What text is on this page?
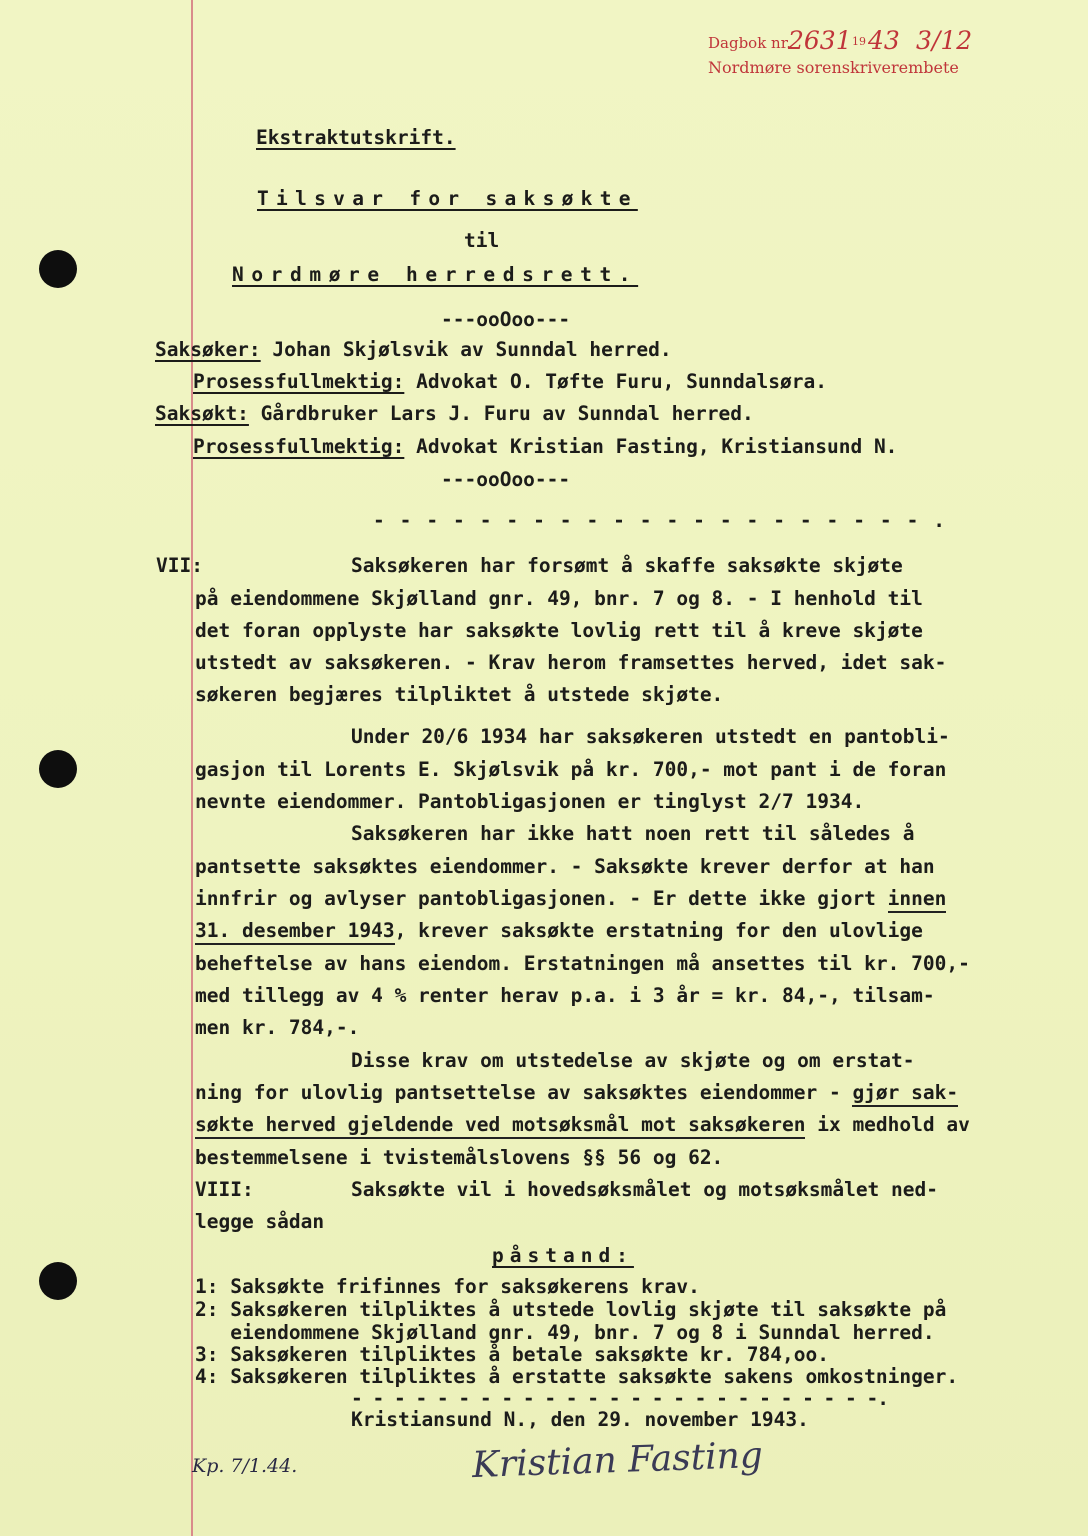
Dagbok nr.
2631 19 43 3/12
Nordmøre sorenskriverembete
Ekstraktutskrift.
Tilsvar for saksøkte
til
Nordmøre herredsrett.
---ooOoo---
Saksøker: Johan Skjølsvik av Sunndal herred.
Prosessfullmektig: Advokat O. Tøfte Furu, Sunndalsøra.
Saksøkt: Gårdbruker Lars J. Furu av Sunndal herred.
Prosessfullmektig: Advokat Kristian Fasting, Kristiansund N.
---ooOoo---
- - - - - - - - - - - - - - - - - - - - - .
VII:	Saksøkeren har forsømt å skaffe saksøkte skjøte
på eiendommene Skjølland gnr. 49, bnr. 7 og 8. - I henhold til
det foran opplyste har saksøkte lovlig rett til å kreve skjøte
utstedt av saksøkeren. - Krav herom framsettes herved, idet sak-
søkeren begjæres tilpliktet å utstede skjøte.
Under 20/6 1934 har saksøkeren utstedt en pantobli-
gasjon til Lorents E. Skjølsvik på kr. 700,- mot pant i de foran
nevnte eiendommer. Pantobligasjonen er tinglyst 2/7 1934.
Saksøkeren har ikke hatt noen rett til således å
pantsette saksøktes eiendommer. - Saksøkte krever derfor at han
innfrir og avlyser pantobligasjonen. - Er dette ikke gjort innen
31. desember 1943, krever saksøkte erstatning for den ulovlige
beheftelse av hans eiendom. Erstatningen må ansettes til kr. 700,-
med tillegg av 4 % renter herav p.a. i 3 år = kr. 84,-, tilsam-
men kr. 784,-.
Disse krav om utstedelse av skjøte og om erstat-
ning for ulovlig pantsettelse av saksøktes eiendommer - gjør sak-
søkte herved gjeldende ved motsøksmål mot saksøkeren ix medhold av
bestemmelsene i tvistemålslovens §§ 56 og 62.
VIII:	Saksøkte vil i hovedsøksmålet og motsøksmålet ned-
legge sådan
påstand:
1: Saksøkte frifinnes for saksøkerens krav.
2: Saksøkeren tilpliktes å utstede lovlig skjøte til saksøkte på
eiendommene Skjølland gnr. 49, bnr. 7 og 8 i Sunndal herred.
3: Saksøkeren tilpliktes å betale saksøkte kr. 784,oo.
4: Saksøkeren tilpliktes å erstatte saksøkte sakens omkostninger.
- - - - - - - - - - - - - - - - - - - - - - - - -.
Kristiansund N., den 29. november 1943.
Kp. 7/1.44.	Kristian Fasting
